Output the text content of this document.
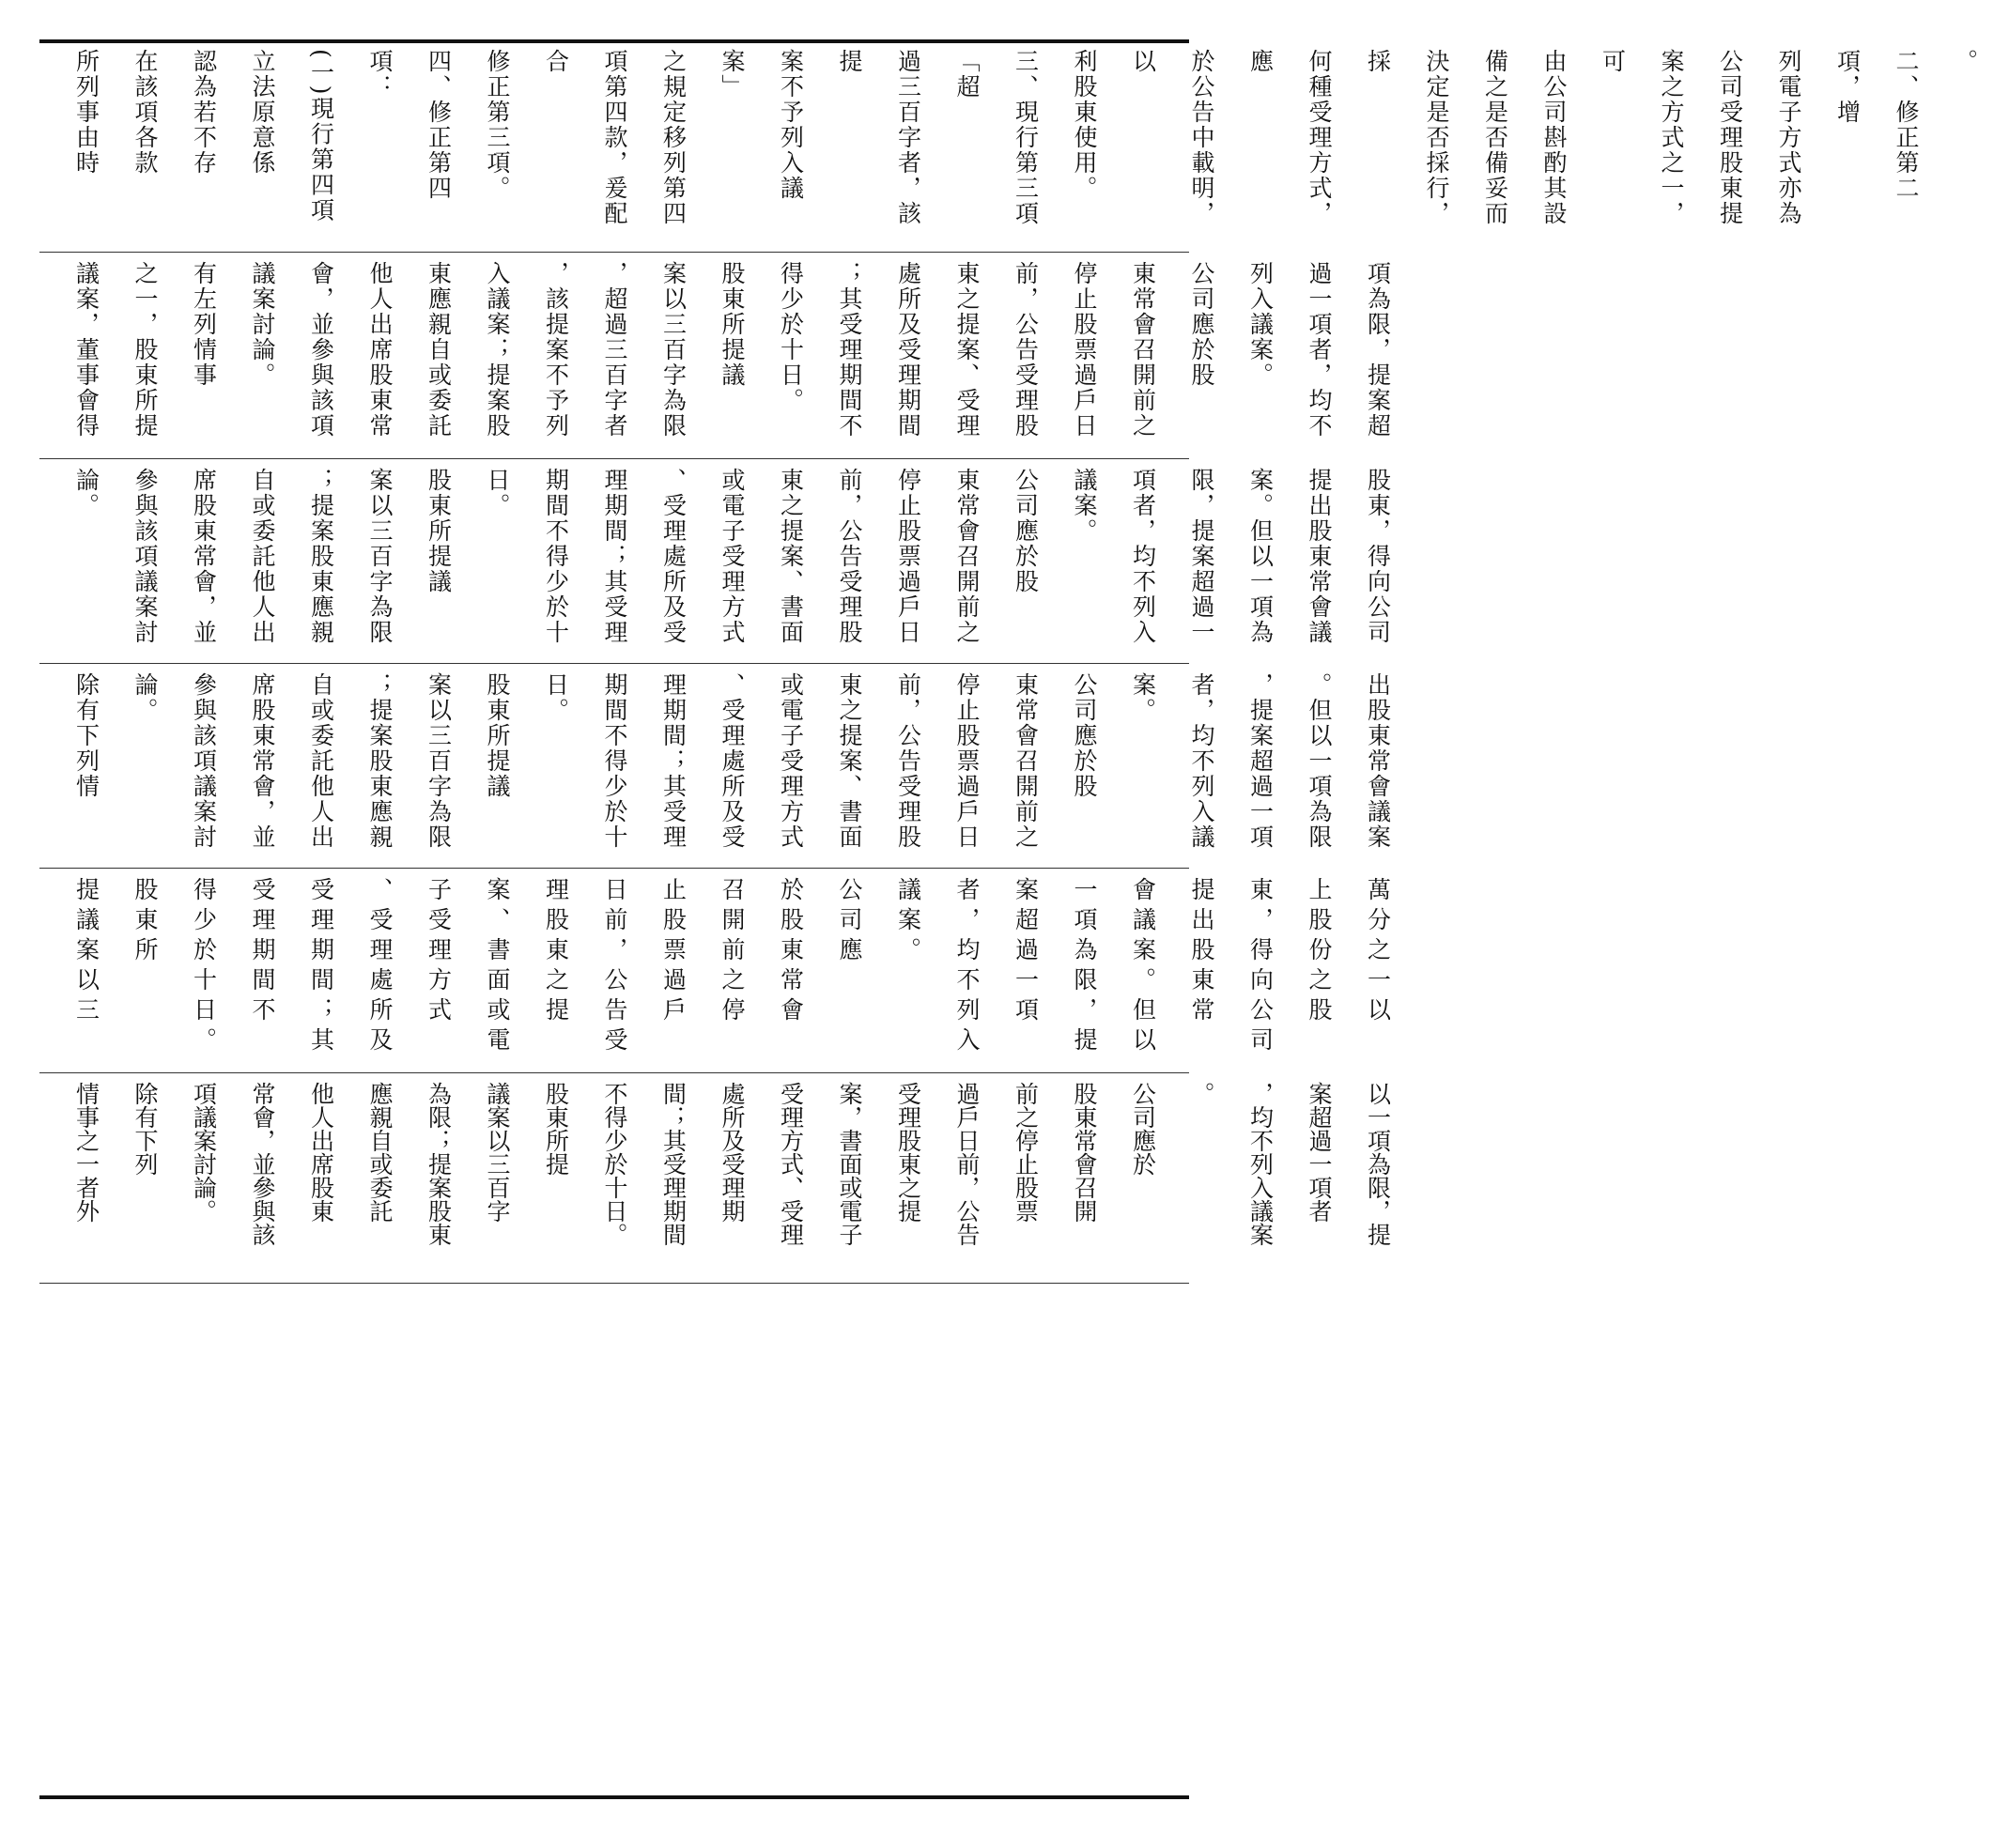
。
二、修正第二項，增
列電子方式亦為
公司受理股東提
案之方式之一，可
由公司斟酌其設
備之是否備妥而
決定是否採行，採
何種受理方式，應
於公告中載明，以
利股東使用。
三、現行第三項「超
過三百字者，該提
案不予列入議案」
之規定移列第四
項第四款，爰配合
修正第三項。
四、修正第四項：
(一)現行第四項
立法原意係
認為若不存
在該項各款
所列事由時
項為限，提案超
過一項者，均不
列入議案。
公司應於股
東常會召開前之
停止股票過戶日
前，公告受理股
東之提案、受理
處所及受理期間
；其受理期間不
得少於十日。
股東所提議
案以三百字為限
，超過三百字者
，該提案不予列
入議案；提案股
東應親自或委託
他人出席股東常
會，並參與該項
議案討論。
有左列情事
之一，股東所提
議案，董事會得
股東，得向公司
提出股東常會議
案。但以一項為
限，提案超過一
項者，均不列入
議案。
公司應於股
東常會召開前之
停止股票過戶日
前，公告受理股
東之提案、書面
或電子受理方式
、受理處所及受
理期間；其受理
期間不得少於十
日。
股東所提議
案以三百字為限
；提案股東應親
自或委託他人出
席股東常會，並
參與該項議案討
論。
出股東常會議案
。但以一項為限
，提案超過一項
者，均不列入議
案。
公司應於股
東常會召開前之
停止股票過戶日
前，公告受理股
東之提案、書面
或電子受理方式
、受理處所及受
理期間；其受理
期間不得少於十
日。
股東所提議
案以三百字為限
；提案股東應親
自或委託他人出
席股東常會，並
參與該項議案討
論。
除有下列情
萬分之一以
上股份之股
東，得向公司
提出股東常
會議案。但以
一項為限，提
案超過一項
者，均不列入
議案。
公司應
於股東常會
召開前之停
止股票過戶
日前，公告受
理股東之提
案、書面或電
子受理方式
、受理處所及
受理期間；其
受理期間不
得少於十日。
股東所
提議案以三
以一項為限，提
案超過一項者
，均不列入議案
。
公司應於
股東常會召開
前之停止股票
過戶日前，公告
受理股東之提
案，書面或電子
受理方式、受理
處所及受理期
間；其受理期間
不得少於十日。
股東所提
議案以三百字
為限；提案股東
應親自或委託
他人出席股東
常會，並參與該
項議案討論。
除有下列
情事之一者外
